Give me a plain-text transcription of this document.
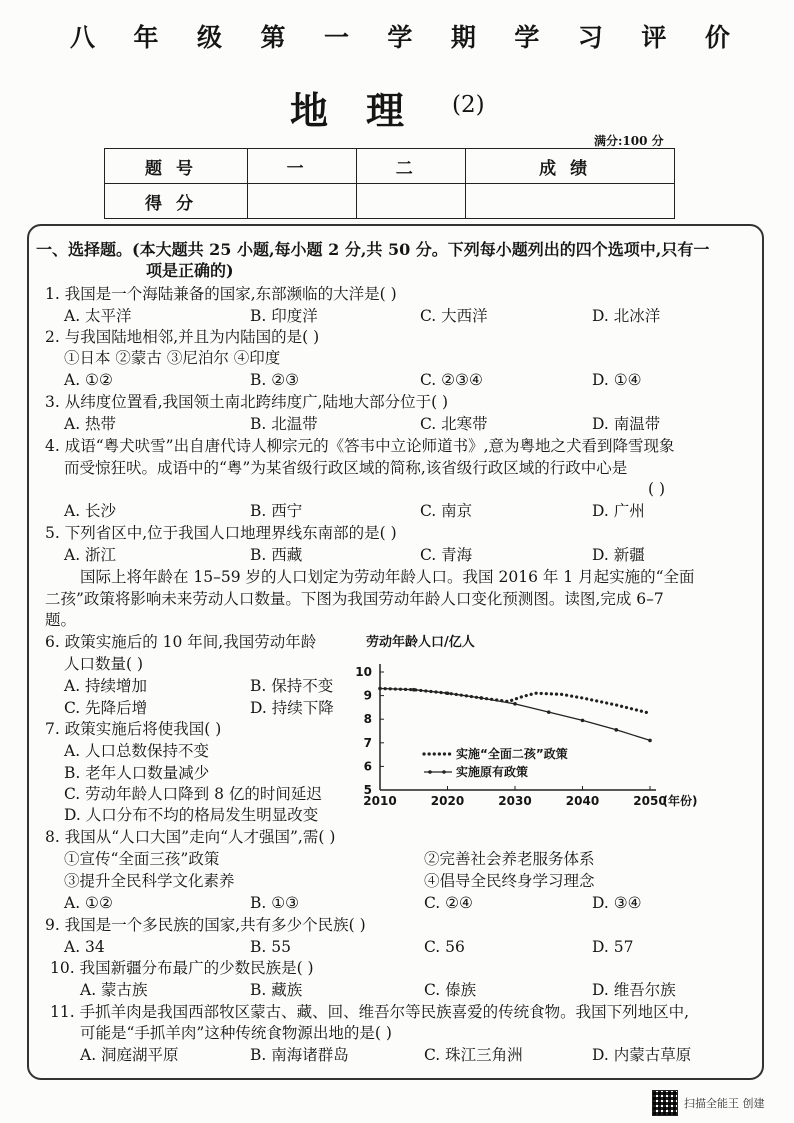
八 年 级 第 一 学 期 学 习 评 价
地理 (2)
满分:100 分
题号	一	二	成绩
得分			
一、选择题。(本大题共 25 小题,每小题 2 分,共 50 分。下列每小题列出的四个选项中,只有一
项是正确的)
1. 我国是一个海陆兼备的国家,东部濒临的大洋是( )
A. 太平洋	B. 印度洋	C. 大西洋	D. 北冰洋
2. 与我国陆地相邻,并且为内陆国的是( )
①日本 ②蒙古 ③尼泊尔 ④印度
A. ①②	B. ②③	C. ②③④	D. ①④
3. 从纬度位置看,我国领土南北跨纬度广,陆地大部分位于( )
A. 热带	B. 北温带	C. 北寒带	D. 南温带
4. 成语“粤犬吠雪”出自唐代诗人柳宗元的《答韦中立论师道书》,意为粤地之犬看到降雪现象
而受惊狂吠。成语中的“粤”为某省级行政区域的简称,该省级行政区域的行政中心是
( )
A. 长沙	B. 西宁	C. 南京	D. 广州
5. 下列省区中,位于我国人口地理界线东南部的是( )
A. 浙江	B. 西藏	C. 青海	D. 新疆
国际上将年龄在 15–59 岁的人口划定为劳动年龄人口。我国 2016 年 1 月起实施的“全面
二孩”政策将影响未来劳动人口数量。下图为我国劳动年龄人口变化预测图。读图,完成 6–7
题。
6. 政策实施后的 10 年间,我国劳动年龄
人口数量( )
A. 持续增加	B. 保持不变
C. 先降后增	D. 持续下降
7. 政策实施后将使我国( )
A. 人口总数保持不变
B. 老年人口数量减少
C. 劳动年龄人口降到 8 亿的时间延迟
D. 人口分布不均的格局发生明显改变
劳动年龄人口/亿人
5
6
7
8
9
10
2010	2020	2030	2040	2050
(年份)
实施“全面二孩”政策
实施原有政策
8. 我国从“人口大国”走向“人才强国”,需( )
①宣传“全面三孩”政策	②完善社会养老服务体系
③提升全民科学文化素养	④倡导全民终身学习理念
A. ①②	B. ①③	C. ②④	D. ③④
9. 我国是一个多民族的国家,共有多少个民族( )
A. 34	B. 55	C. 56	D. 57
10. 我国新疆分布最广的少数民族是( )
A. 蒙古族	B. 藏族	C. 傣族	D. 维吾尔族
11. 手抓羊肉是我国西部牧区蒙古、藏、回、维吾尔等民族喜爱的传统食物。我国下列地区中,
可能是“手抓羊肉”这种传统食物源出地的是( )
A. 洞庭湖平原	B. 南海诸群岛	C. 珠江三角洲	D. 内蒙古草原
扫描全能王 创建
